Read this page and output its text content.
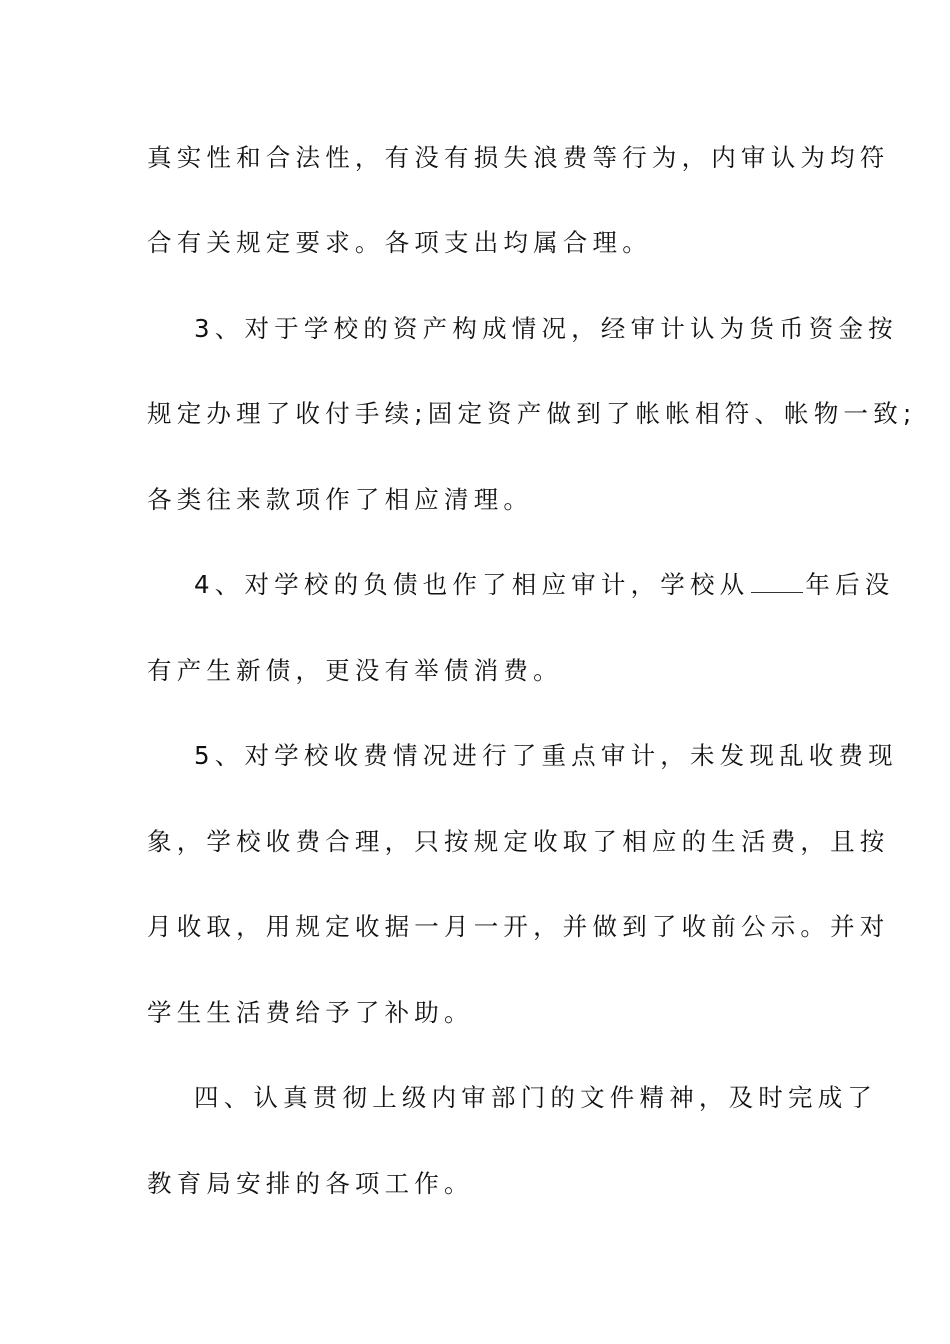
真实性和合法性，有没有损失浪费等行为，内审认为均符
合有关规定要求。各项支出均属合理。
3、对于学校的资产构成情况，经审计认为货币资金按
规定办理了收付手续;固定资产做到了帐帐相符、帐物一致;
各类往来款项作了相应清理。
4、对学校的负债也作了相应审计，学校从 年后没
有产生新债，更没有举债消费。
5、对学校收费情况进行了重点审计，未发现乱收费现
象，学校收费合理，只按规定收取了相应的生活费，且按
月收取，用规定收据一月一开，并做到了收前公示。并对
学生生活费给予了补助。
四、认真贯彻上级内审部门的文件精神，及时完成了
教育局安排的各项工作。
